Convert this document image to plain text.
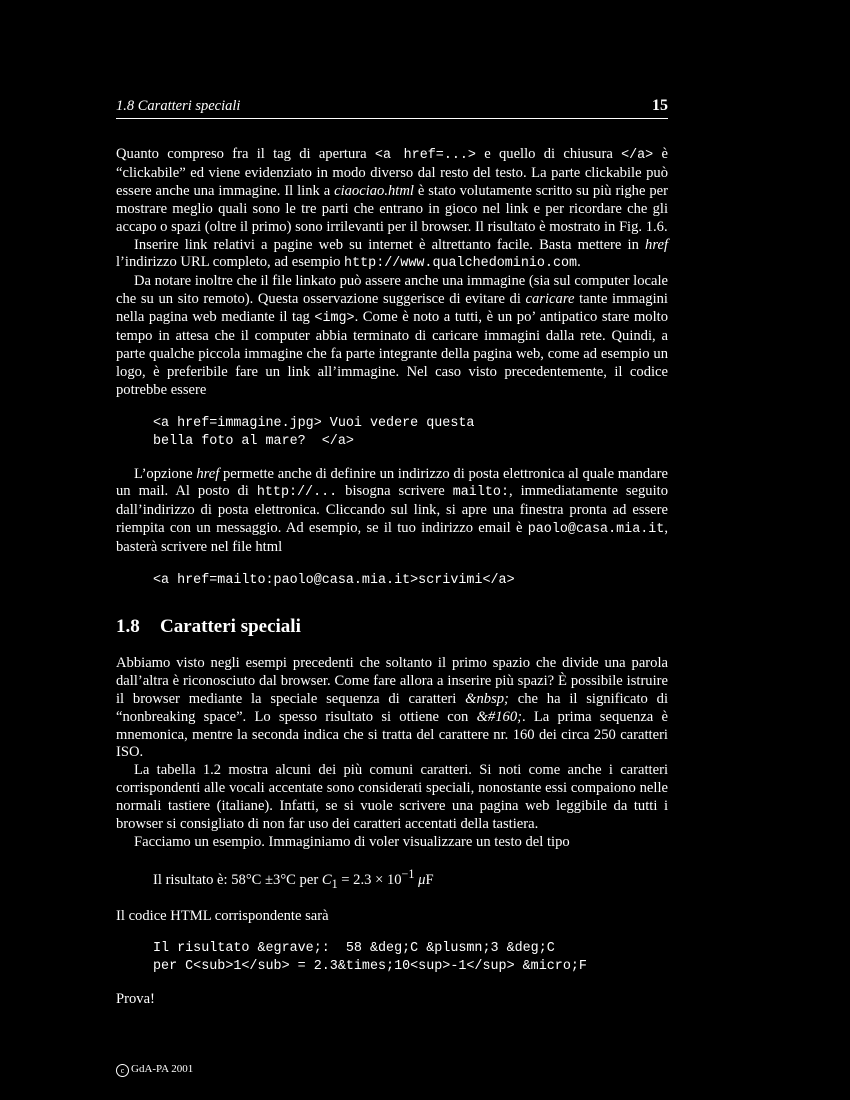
1.8 Caratteri speciali	15

Quanto compreso fra il tag di apertura <a href=...> e quello di chiusura </a> è “clickabile” ed viene evidenziato in modo diverso dal resto del testo. La parte clickabile può essere anche una immagine. Il link a ciaociao.html è stato volutamente scritto su più righe per mostrare meglio quali sono le tre parti che entrano in gioco nel link e per ricordare che gli accapo o spazi (oltre il primo) sono irrilevanti per il browser. Il risultato è mostrato in Fig. 1.6.

Inserire link relativi a pagine web su internet è altrettanto facile. Basta mettere in href l’indirizzo URL completo, ad esempio http://www.qualchedominio.com.

Da notare inoltre che il file linkato può assere anche una immagine (sia sul computer locale che su un sito remoto). Questa osservazione suggerisce di evitare di caricare tante immagini nella pagina web mediante il tag <img>. Come è noto a tutti, è un po’ antipatico stare molto tempo in attesa che il computer abbia terminato di caricare immagini dalla rete. Quindi, a parte qualche piccola immagine che fa parte integrante della pagina web, come ad esempio un logo, è preferibile fare un link all’immagine. Nel caso visto precedentemente, il codice potrebbe essere

<a href=immagine.jpg> Vuoi vedere questa
bella foto al mare?  </a>

L’opzione href permette anche di definire un indirizzo di posta elettronica al quale mandare un mail. Al posto di http://... bisogna scrivere mailto:, immediatamente seguito dall’indirizzo di posta elettronica. Cliccando sul link, si apre una finestra pronta ad essere riempita con un messaggio. Ad esempio, se il tuo indirizzo email è paolo@casa.mia.it, basterà scrivere nel file html

<a href=mailto:paolo@casa.mia.it>scrivimi</a>
1.8 Caratteri speciali

Abbiamo visto negli esempi precedenti che soltanto il primo spazio che divide una parola dall’altra è riconosciuto dal browser. Come fare allora a inserire più spazi? È possibile istruire il browser mediante la speciale sequenza di caratteri &nbsp; che ha il significato di “nonbreaking space”. Lo spesso risultato si ottiene con &#160;. La prima sequenza è mnemonica, mentre la seconda indica che si tratta del carattere nr. 160 dei circa 250 caratteri ISO.

La tabella 1.2 mostra alcuni dei più comuni caratteri. Si noti come anche i caratteri corrispondenti alle vocali accentate sono considerati speciali, nonostante essi compaiono nelle normali tastiere (italiane). Infatti, se si vuole scrivere una pagina web leggibile da tutti i browser si consigliato di non far uso dei caratteri accentati della tastiera.

Facciamo un esempio. Immaginiamo di voler visualizzare un testo del tipo

Il risultato è: 58°C ±3°C per $C_1 = 2.3 \times 10^{-1}$ μF

Il codice HTML corrispondente sarà

Il risultato &egrave;:  58 &deg;C &plusmn;3 &deg;C
per C<sub>1</sub> = 2.3&times;10<sup>-1</sup> &micro;F

Prova!

c GdA-PA 2001
